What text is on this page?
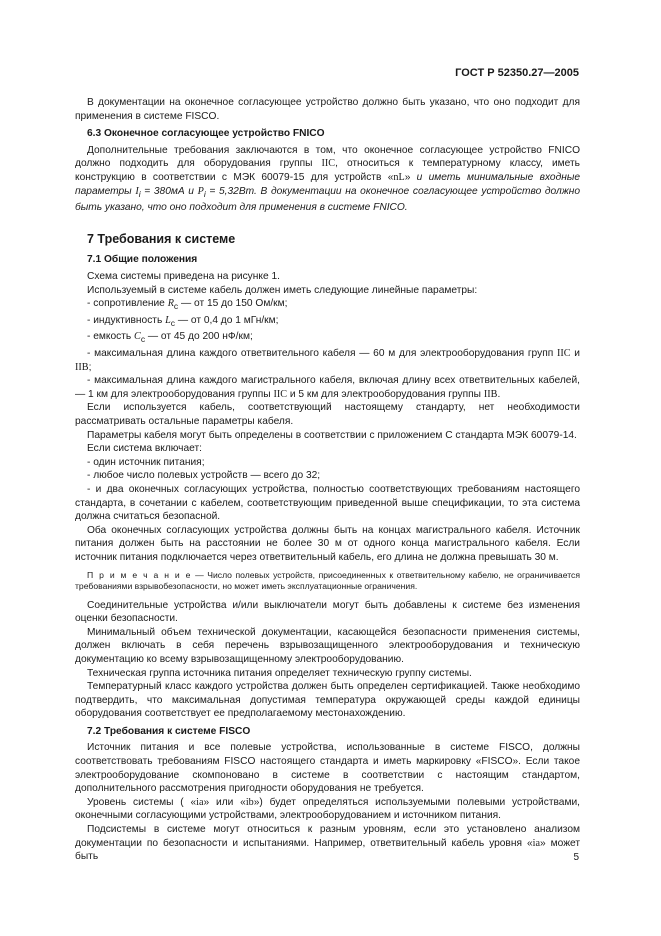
ГОСТ Р 52350.27—2005

В документации на оконечное согласующее устройство должно быть указано, что оно подходит для применения в системе FISCO.

6.3 Оконечное согласующее устройство FNICO

Дополнительные требования заключаются в том, что оконечное согласующее устройство FNICO должно подходить для оборудования группы IIC, относиться к температурному классу, иметь конструкцию в соответствии с МЭК 60079-15 для устройств «nL» и иметь минимальные входные параметры $I_i = 380мА$ и $P_i = 5,32Вт$. В документации на оконечное согласующее устройство должно быть указано, что оно подходит для применения в системе FNICO.

7 Требования к системе
7.1 Общие положения

Схема системы приведена на рисунке 1.

Используемый в системе кабель должен иметь следующие линейные параметры:

- сопротивление $R_c$ — от 15 до 150 Ом/км;

- индуктивность $L_c$ — от 0,4 до 1 мГн/км;

- емкость $C_c$ — от 45 до 200 нФ/км;

- максимальная длина каждого ответвительного кабеля — 60 м для электрооборудования групп IIC и IIB;

- максимальная длина каждого магистрального кабеля, включая длину всех ответвительных кабелей, — 1 км для электрооборудования группы IIC и 5 км для электрооборудования группы IIB.

Если используется кабель, соответствующий настоящему стандарту, нет необходимости рассматривать остальные параметры кабеля.

Параметры кабеля могут быть определены в соответствии с приложением С стандарта МЭК 60079-14.

Если система включает:

- один источник питания;

- любое число полевых устройств — всего до 32;

- и два оконечных согласующих устройства, полностью соответствующих требованиям настоящего стандарта, в сочетании с кабелем, соответствующим приведенной выше спецификации, то эта система должна считаться безопасной.

Оба оконечных согласующих устройства должны быть на концах магистрального кабеля. Источник питания должен быть на расстоянии не более 30 м от одного конца магистрального кабеля. Если источник питания подключается через ответвительный кабель, его длина не должна превышать 30 м.

П р и м е ч а н и е — Число полевых устройств, присоединенных к ответвительному кабелю, не ограничивается требованиями взрывобезопасности, но может иметь эксплуатационные ограничения.

Соединительные устройства и/или выключатели могут быть добавлены к системе без изменения оценки безопасности.

Минимальный объем технической документации, касающейся безопасности применения системы, должен включать в себя перечень взрывозащищенного электрооборудования и техническую документацию ко всему взрывозащищенному электрооборудованию.

Техническая группа источника питания определяет техническую группу системы.

Температурный класс каждого устройства должен быть определен сертификацией. Также необходимо подтвердить, что максимальная допустимая температура окружающей среды каждой единицы оборудования соответствует ее предполагаемому местонахождению.

7.2 Требования к системе FISCO

Источник питания и все полевые устройства, использованные в системе FISCO, должны соответствовать требованиям FISCO настоящего стандарта и иметь маркировку «FISCO». Если такое электрооборудование скомпоновано в системе в соответствии с настоящим стандартом, дополнительного рассмотрения пригодности оборудования не требуется.

Уровень системы ( «ia» или «ib») будет определяться используемыми полевыми устройствами, оконечными согласующими устройствами, электрооборудованием и источником питания.

Подсистемы в системе могут относиться к разным уровням, если это установлено анализом документации по безопасности и испытаниями. Например, ответвительный кабель уровня «ia» может быть	5
